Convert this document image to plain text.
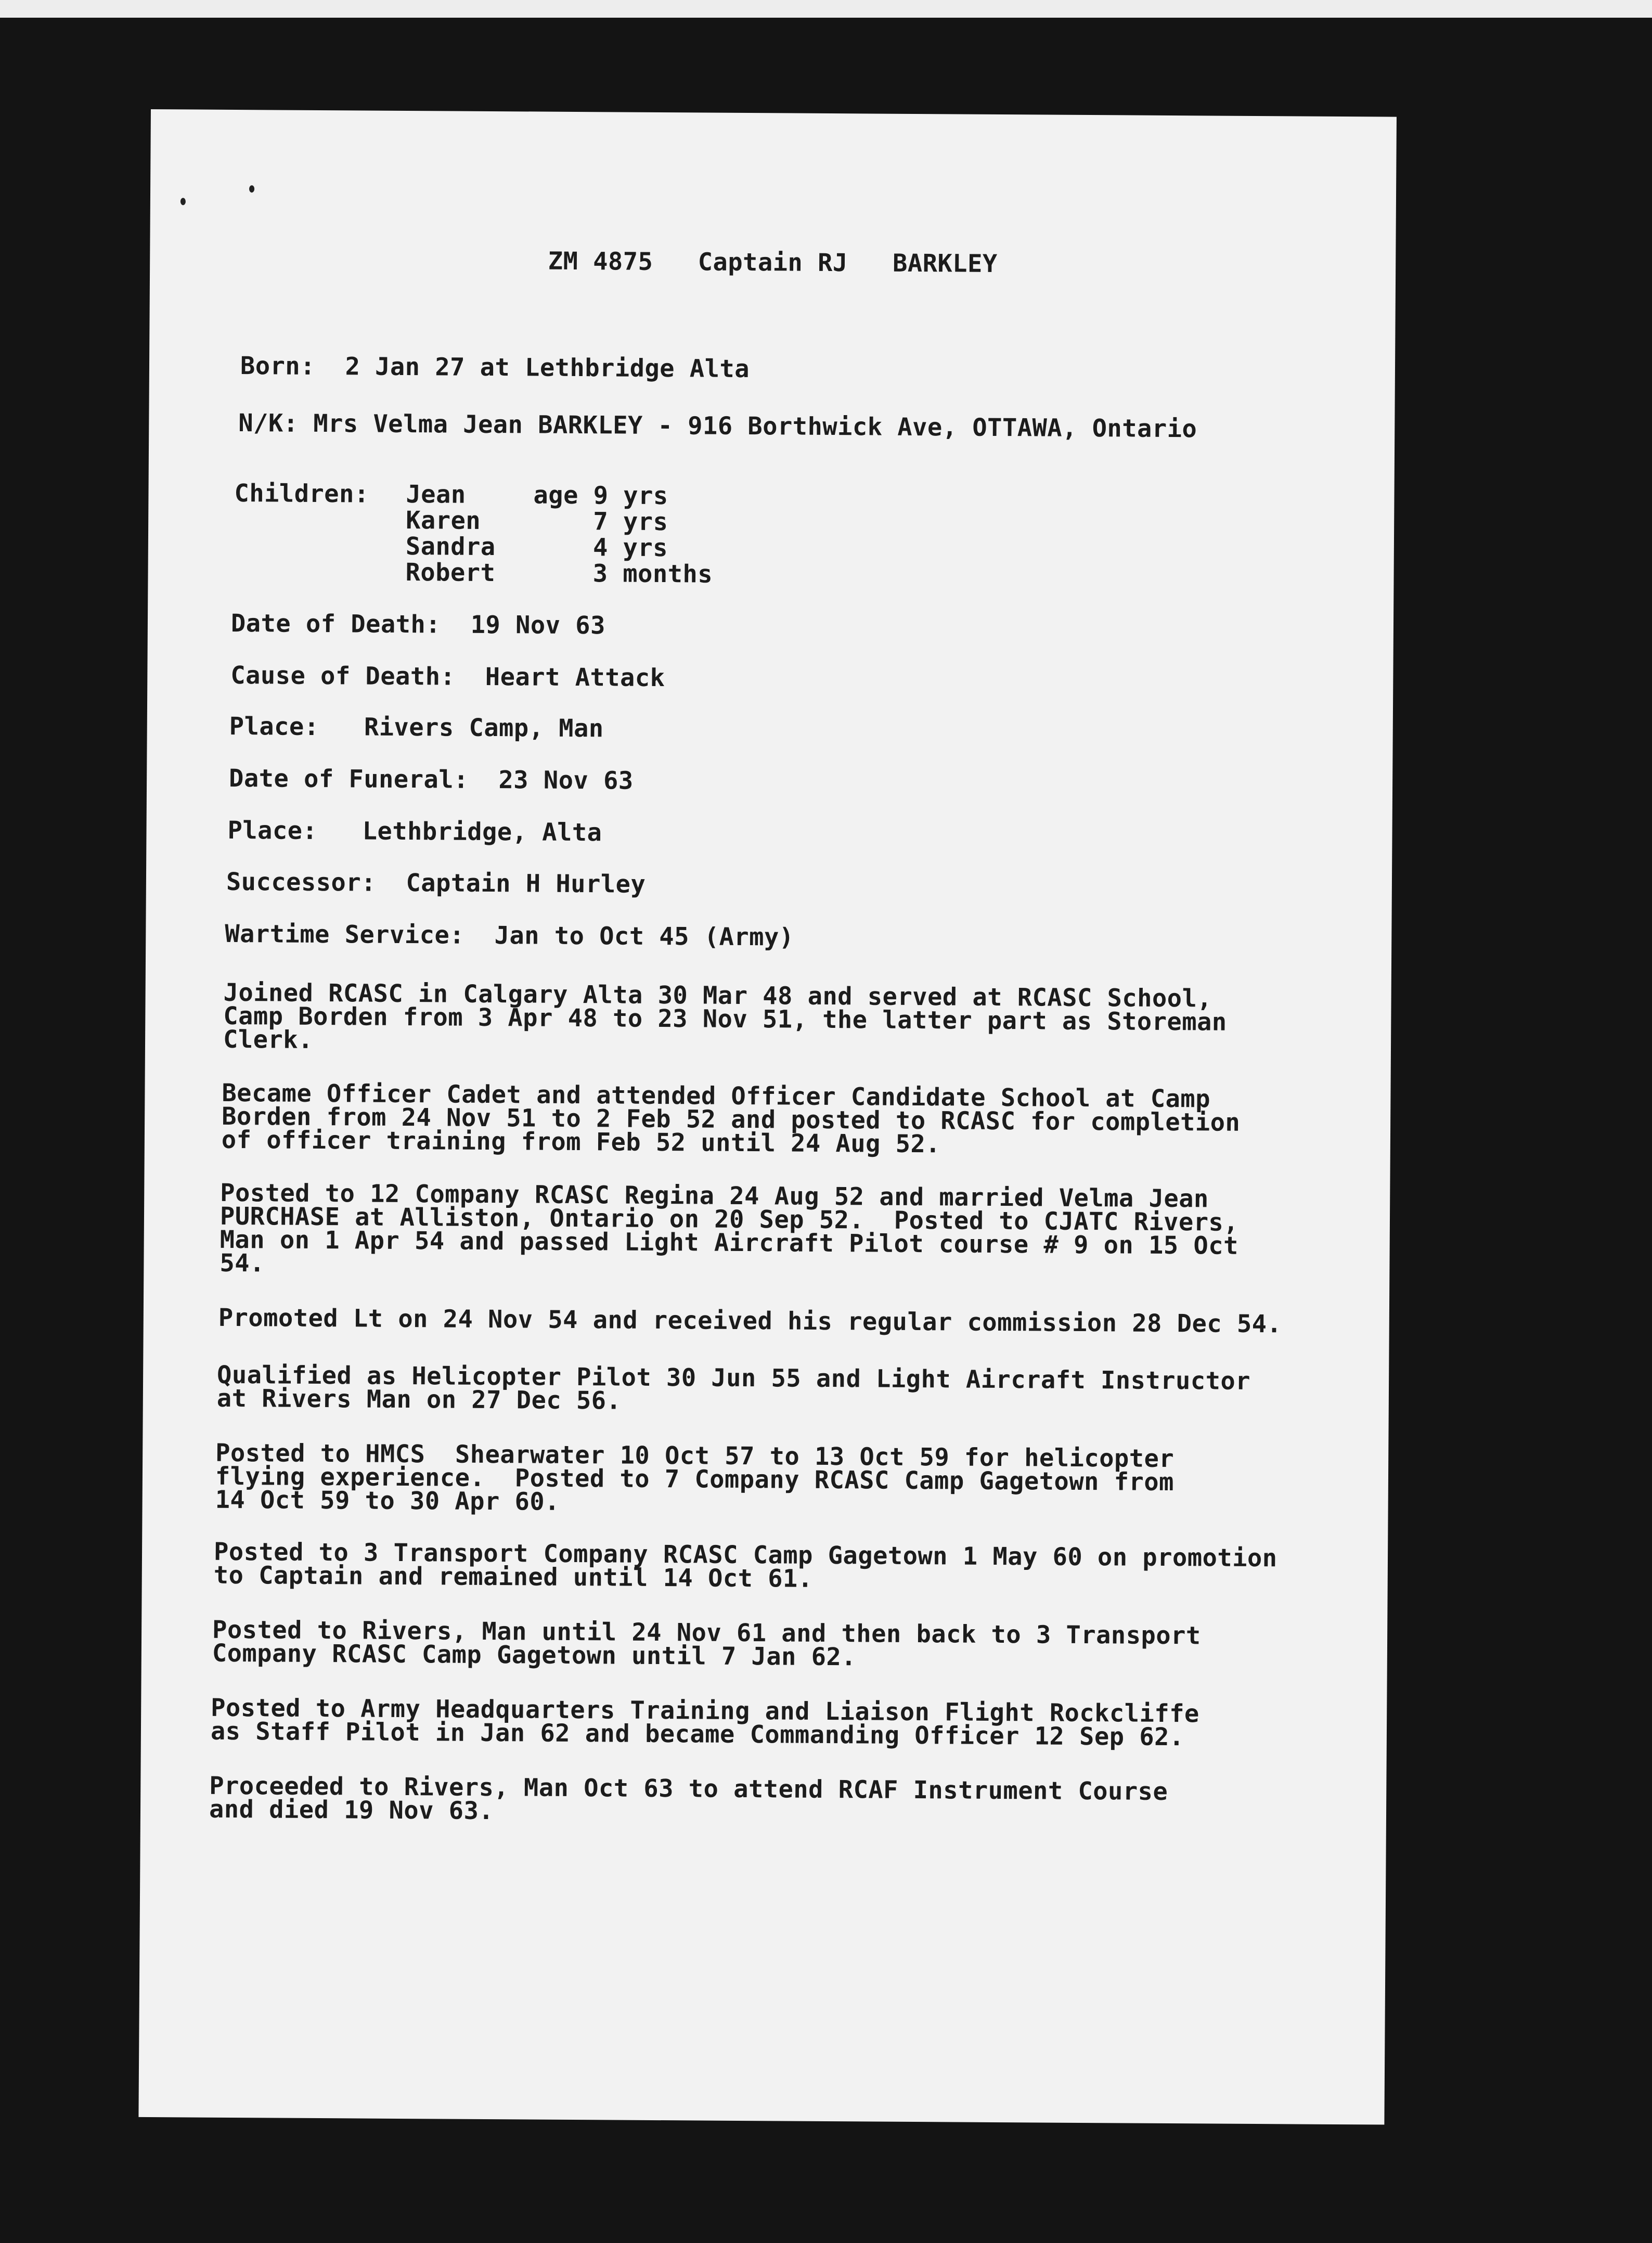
ZM 4875   Captain RJ   BARKLEY
Born: 2 Jan 27 at Lethbridge Alta
N/K: Mrs Velma Jean BARKLEY - 916 Borthwick Ave, OTTAWA, Ontario
Children: Jean	age 9 yrs
Karen    7 yrs
Sandra    4 yrs
Robert    3 months
Date of Death: 19 Nov 63
Cause of Death: Heart Attack
Place: Rivers Camp, Man
Date of Funeral: 23 Nov 63
Place: Lethbridge, Alta
Successor: Captain H Hurley
Wartime Service: Jan to Oct 45 (Army)
Joined RCASC in Calgary Alta 30 Mar 48 and served at RCASC School,
Camp Borden from 3 Apr 48 to 23 Nov 51, the latter part as Storeman
Clerk.
Became Officer Cadet and attended Officer Candidate School at Camp
Borden from 24 Nov 51 to 2 Feb 52 and posted to RCASC for completion
of officer training from Feb 52 until 24 Aug 52.
Posted to 12 Company RCASC Regina 24 Aug 52 and married Velma Jean
PURCHASE at Alliston, Ontario on 20 Sep 52.  Posted to CJATC Rivers,
Man on 1 Apr 54 and passed Light Aircraft Pilot course # 9 on 15 Oct
54.
Promoted Lt on 24 Nov 54 and received his regular commission 28 Dec 54.
Qualified as Helicopter Pilot 30 Jun 55 and Light Aircraft Instructor
at Rivers Man on 27 Dec 56.
Posted to HMCS  Shearwater 10 Oct 57 to 13 Oct 59 for helicopter
flying experience.  Posted to 7 Company RCASC Camp Gagetown from
14 Oct 59 to 30 Apr 60.
Posted to 3 Transport Company RCASC Camp Gagetown 1 May 60 on promotion
to Captain and remained until 14 Oct 61.
Posted to Rivers, Man until 24 Nov 61 and then back to 3 Transport
Company RCASC Camp Gagetown until 7 Jan 62.
Posted to Army Headquarters Training and Liaison Flight Rockcliffe
as Staff Pilot in Jan 62 and became Commanding Officer 12 Sep 62.
Proceeded to Rivers, Man Oct 63 to attend RCAF Instrument Course
and died 19 Nov 63.
